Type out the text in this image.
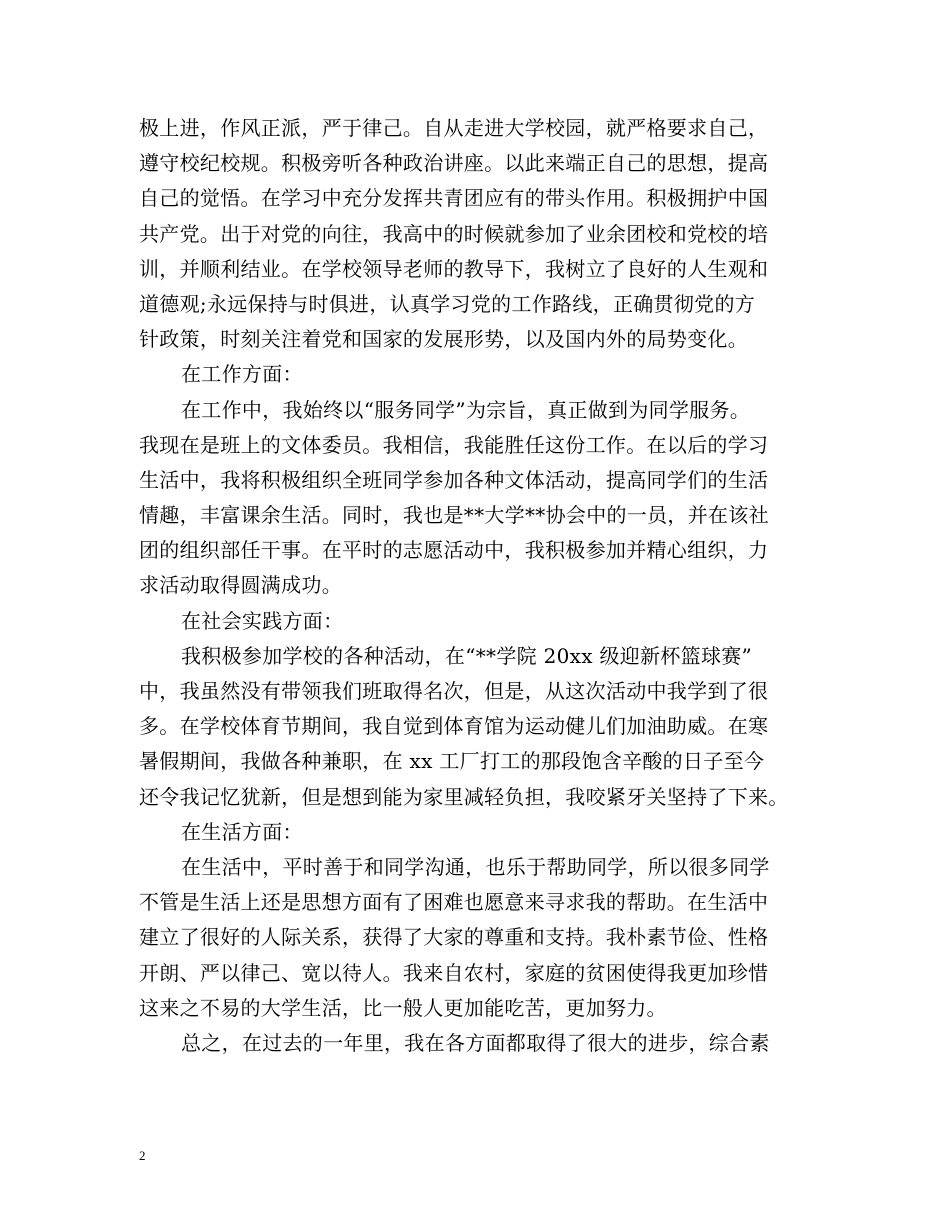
极上进，作风正派，严于律己。自从走进大学校园，就严格要求自己，
遵守校纪校规。积极旁听各种政治讲座。以此来端正自己的思想，提高
自己的觉悟。在学习中充分发挥共青团应有的带头作用。积极拥护中国
共产党。出于对党的向往，我高中的时候就参加了业余团校和党校的培
训，并顺利结业。在学校领导老师的教导下，我树立了良好的人生观和
道德观;永远保持与时俱进，认真学习党的工作路线，正确贯彻党的方
针政策，时刻关注着党和国家的发展形势，以及国内外的局势变化。
在工作方面：
在工作中，我始终以“服务同学”为宗旨，真正做到为同学服务。
我现在是班上的文体委员。我相信，我能胜任这份工作。在以后的学习
生活中，我将积极组织全班同学参加各种文体活动，提高同学们的生活
情趣，丰富课余生活。同时，我也是**大学**协会中的一员，并在该社
团的组织部任干事。在平时的志愿活动中，我积极参加并精心组织，力
求活动取得圆满成功。
在社会实践方面：
我积极参加学校的各种活动，在“**学院 20xx 级迎新杯篮球赛”
中，我虽然没有带领我们班取得名次，但是，从这次活动中我学到了很
多。在学校体育节期间，我自觉到体育馆为运动健儿们加油助威。在寒
暑假期间，我做各种兼职，在 xx 工厂打工的那段饱含辛酸的日子至今
还令我记忆犹新，但是想到能为家里减轻负担，我咬紧牙关坚持了下来。
在生活方面：
在生活中，平时善于和同学沟通，也乐于帮助同学，所以很多同学
不管是生活上还是思想方面有了困难也愿意来寻求我的帮助。在生活中
建立了很好的人际关系，获得了大家的尊重和支持。我朴素节俭、性格
开朗、严以律己、宽以待人。我来自农村，家庭的贫困使得我更加珍惜
这来之不易的大学生活，比一般人更加能吃苦，更加努力。
总之，在过去的一年里，我在各方面都取得了很大的进步，综合素
2
